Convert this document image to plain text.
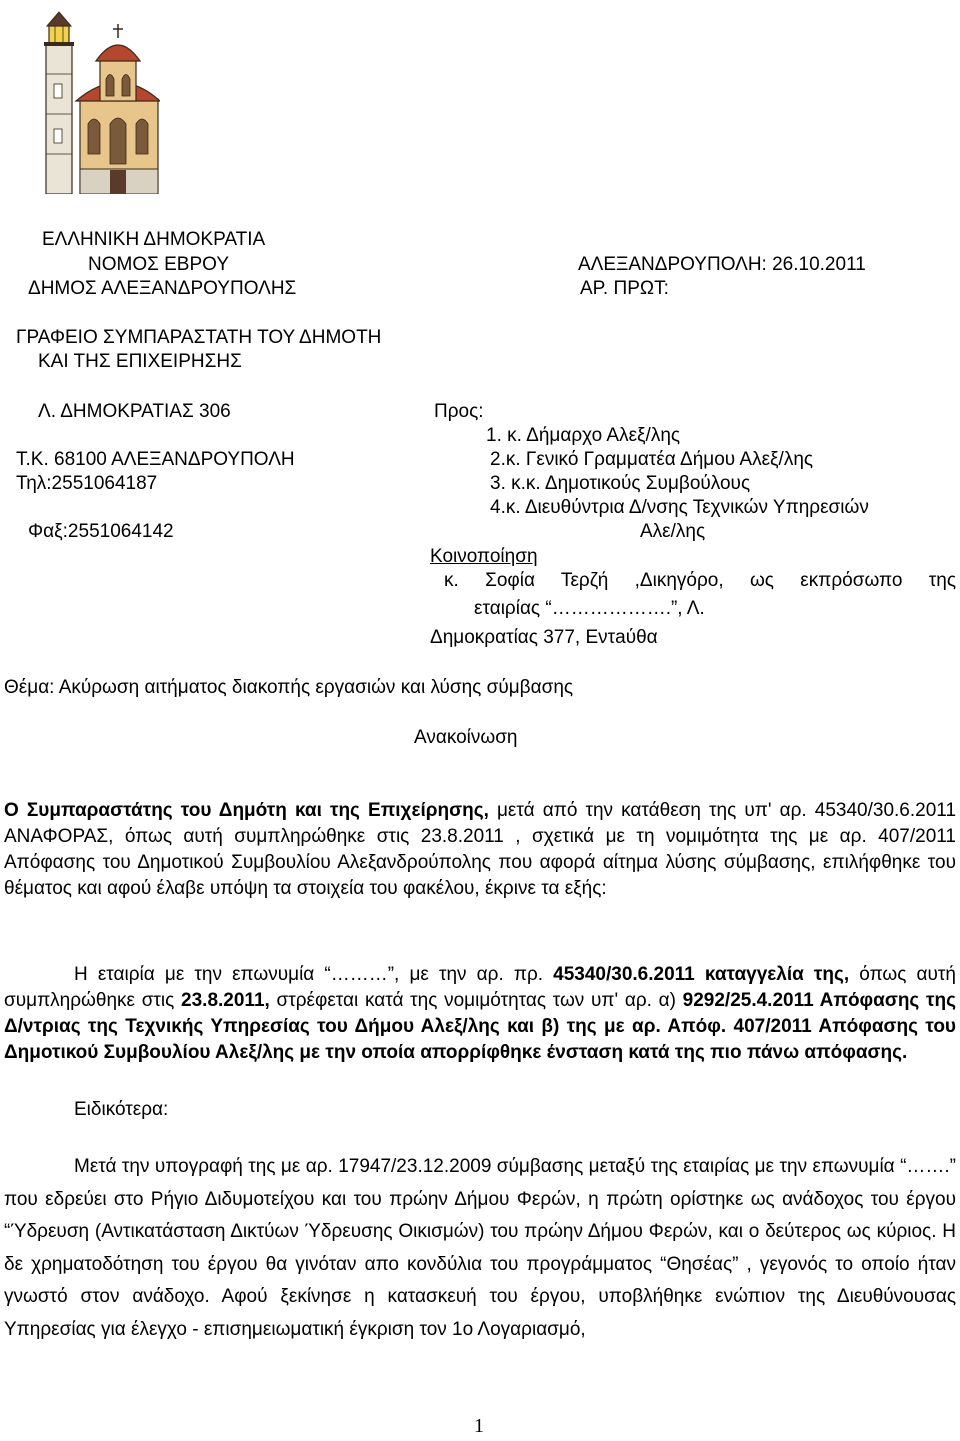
ΕΛΛΗΝΙΚΗ ΔΗΜΟΚΡΑΤΙΑ
ΝΟΜΟΣ ΕΒΡΟΥ
ΔΗΜΟΣ ΑΛΕΞΑΝΔΡΟΥΠΟΛΗΣ
ΑΛΕΞΑΝΔΡΟΥΠΟΛΗ: 26.10.2011
ΑΡ. ΠΡΩΤ:
ΓΡΑΦΕΙΟ ΣΥΜΠΑΡΑΣΤΑΤΗ ΤΟΥ ΔΗΜΟΤΗ
ΚΑΙ ΤΗΣ ΕΠΙΧΕΙΡΗΣΗΣ
Λ. ΔΗΜΟΚΡΑΤΙΑΣ 306
Τ.Κ. 68100 ΑΛΕΞΑΝΔΡΟΥΠΟΛΗ
Τηλ:2551064187
Φαξ:2551064142
Προς:
1. κ. Δήμαρχο Αλεξ/λης
2.κ. Γενικό Γραμματέα Δήμου Αλεξ/λης
3. κ.κ. Δημοτικούς Συμβούλους
4.κ. Διευθύντρια Δ/νσης Τεχνικών Υπηρεσιών
Αλε/λης
Κοινοποίηση
κ. Σοφία Τερζή ,Δικηγόρο, ως εκπρόσωπο της
εταιρίας “……………….”, Λ.
Δημοκρατίας 377, Εντaύθα
Θέμα: Ακύρωση αιτήματος διακοπής εργασιών και λύσης σύμβασης
Ανακοίνωση
Ο Συμπαραστάτης του Δημότη και της Επιχείρησης, μετά από την κατάθεση της υπ' αρ. 45340/30.6.2011 ΑΝΑΦΟΡΑΣ, όπως αυτή συμπληρώθηκε στις 23.8.2011 , σχετικά με τη νομιμότητα της με αρ. 407/2011 Απόφασης του Δημοτικού Συμβουλίου Αλεξανδρούπολης που αφορά αίτημα λύσης σύμβασης, επιλήφθηκε του θέματος και αφού έλαβε υπόψη τα στοιχεία του φακέλου, έκρινε τα εξής:
Η εταιρία με την επωνυμία “………”, με την αρ. πρ. 45340/30.6.2011 καταγγελία της, όπως αυτή συμπληρώθηκε στις 23.8.2011, στρέφεται κατά της νομιμότητας των υπ' αρ. α) 9292/25.4.2011 Απόφασης της Δ/ντριας της Τεχνικής Υπηρεσίας του Δήμου Αλεξ/λης και β) της με αρ. Απόφ. 407/2011 Απόφασης του Δημοτικού Συμβουλίου Αλεξ/λης με την οποία απορρίφθηκε ένσταση κατά της πιο πάνω απόφασης.
Ειδικότερα:
Μετά την υπογραφή της με αρ. 17947/23.12.2009 σύμβασης μεταξύ της εταιρίας με την επωνυμία “…….” που εδρεύει στο Ρήγιο Διδυμοτείχου και του πρώην Δήμου Φερών, η πρώτη ορίστηκε ως ανάδοχος του έργου “Ύδρευση (Αντικατάσταση Δικτύων Ύδρευσης Οικισμών) του πρώην Δήμου Φερών, και ο δεύτερος ως κύριος. Η δε χρηματοδότηση του έργου θα γινόταν απο κονδύλια του προγράμματος “Θησέας” , γεγονός το οποίο ήταν γνωστό στον ανάδοχο. Αφού ξεκίνησε η κατασκευή του έργου, υποβλήθηκε ενώπιον της Διευθύνουσας Υπηρεσίας για έλεγχο - επισημειωματική έγκριση τον 1ο Λογαριασμό,
1
